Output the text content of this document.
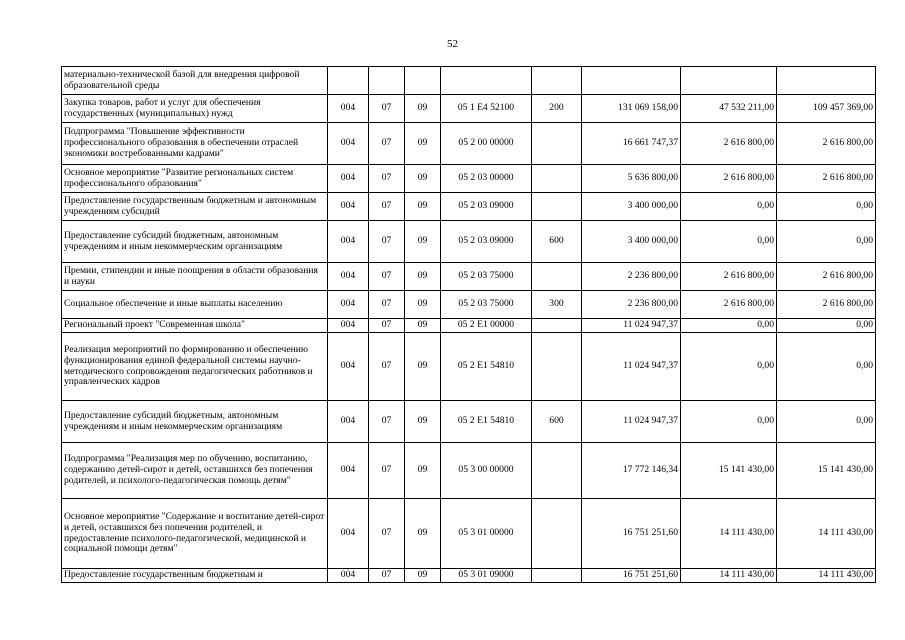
52
материально-технической базой для внедрения цифровой образовательной среды								
Закупка товаров, работ и услуг для обеспечения государственных (муниципальных) нужд	004	07	09	05 1 E4 52100	200	131 069 158,00	47 532 211,00	109 457 369,00
Подпрограмма "Повышение эффективности профессионального образования в обеспечении отраслей экономики востребованными кадрами"	004	07	09	05 2 00 00000		16 661 747,37	2 616 800,00	2 616 800,00
Основное мероприятие "Развитие региональных систем профессионального образования"	004	07	09	05 2 03 00000		5 636 800,00	2 616 800,00	2 616 800,00
Предоставление государственным бюджетным и автономным учреждениям субсидий	004	07	09	05 2 03 09000		3 400 000,00	0,00	0,00
Предоставление субсидий бюджетным, автономным учреждениям и иным некоммерческим организациям	004	07	09	05 2 03 09000	600	3 400 000,00	0,00	0,00
Премии, стипендии и иные поощрения в области образования и науки	004	07	09	05 2 03 75000		2 236 800,00	2 616 800,00	2 616 800,00
Социальное обеспечение и иные выплаты населению	004	07	09	05 2 03 75000	300	2 236 800,00	2 616 800,00	2 616 800,00
Региональный проект "Современная школа"	004	07	09	05 2 E1 00000		11 024 947,37	0,00	0,00
Реализация мероприятий по формированию и обеспечению функционирования единой федеральной системы научно-методического сопровождения педагогических работников и управленческих кадров	004	07	09	05 2 E1 54810		11 024 947,37	0,00	0,00
Предоставление субсидий бюджетным, автономным учреждениям и иным некоммерческим организациям	004	07	09	05 2 E1 54810	600	11 024 947,37	0,00	0,00
Подпрограмма "Реализация мер по обучению, воспитанию, содержанию детей-сирот и детей, оставшихся без попечения родителей, и психолого-педагогическая помощь детям"	004	07	09	05 3 00 00000		17 772 146,34	15 141 430,00	15 141 430,00
Основное мероприятие "Содержание и воспитание детей-сирот и детей, оставшихся без попечения родителей, и предоставление психолого-педагогической, медицинской и социальной помощи детям"	004	07	09	05 3 01 00000		16 751 251,60	14 111 430,00	14 111 430,00
Предоставление государственным бюджетным и	004	07	09	05 3 01 09000		16 751 251,60	14 111 430,00	14 111 430,00
